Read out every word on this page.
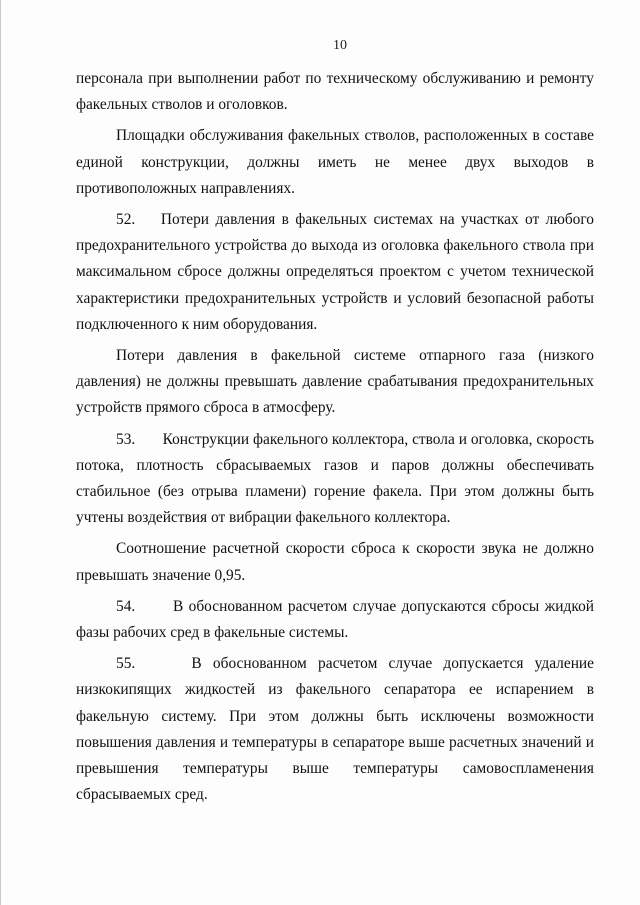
10

персонала при выполнении работ по техническому обслуживанию и ремонту факельных стволов и оголовков.

Площадки обслуживания факельных стволов, расположенных в составе единой конструкции, должны иметь не менее двух выходов в противоположных направлениях.

52.    Потери давления в факельных системах на участках от любого предохранительного устройства до выхода из оголовка факельного ствола при максимальном сбросе должны определяться проектом с учетом технической характеристики предохранительных устройств и условий безопасной работы подключенного к ним оборудования.

Потери давления в факельной системе отпарного газа (низкого давления) не должны превышать давление срабатывания предохранительных устройств прямого сброса в атмосферу.

53.       Конструкции факельного коллектора, ствола и оголовка, скорость потока, плотность сбрасываемых газов и паров должны обеспечивать стабильное (без отрыва пламени) горение факела. При этом должны быть учтены воздействия от вибрации факельного коллектора.

Соотношение расчетной скорости сброса к скорости звука не должно превышать значение 0,95.

54.       В обоснованном расчетом случае допускаются сбросы жидкой фазы рабочих сред в факельные системы.

55.     В обоснованном расчетом случае допускается удаление низкокипящих жидкостей из факельного сепаратора ее испарением в факельную систему. При этом должны быть исключены возможности повышения давления и температуры в сепараторе выше расчетных значений и превышения температуры выше температуры самовоспламенения сбрасываемых сред.
